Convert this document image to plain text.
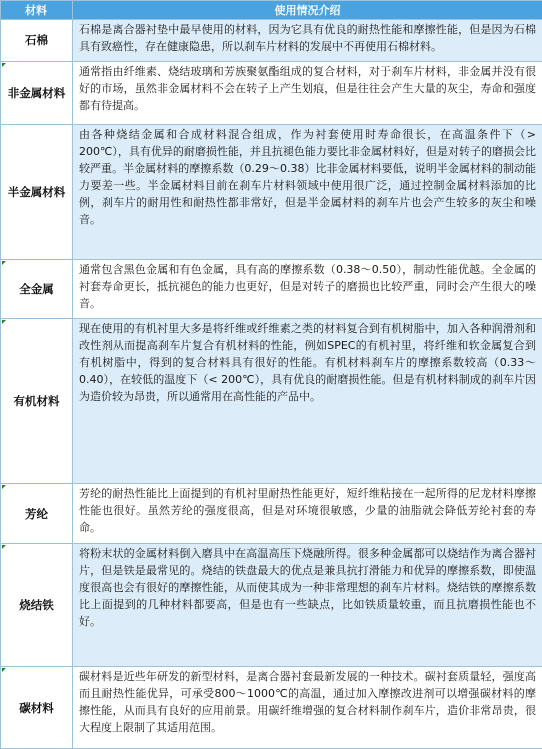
材料	使用情况介绍
石棉	石棉是离合器衬垫中最早使用的材料，因为它具有优良的耐热性能和摩擦性能，但是因为石棉具有致癌性，存在健康隐患，所以刹车片材料的发展中不再使用石棉材料。

非金属材料	通常指由纤维素、烧结玻璃和芳族聚氨酯组成的复合材料，对于刹车片材料，非金属并没有很好的市场，虽然非金属材料不会在转子上产生划痕，但是往往会产生大量的灰尘，寿命和强度都有待提高。
半金属材料	由各种烧结金属和合成材料混合组成，作为衬套使用时寿命很长，在高温条件下（> 200℃），具有优异的耐磨损性能，并且抗褪色能力要比非金属材料好，但是对转子的磨损会比较严重。半金属材料的摩擦系数（0.29～0.38）比非金属材料要低，说明半金属材料的制动能力要差一些。半金属材料目前在刹车片材料领域中使用很广泛，通过控制金属材料添加的比例，刹车片的耐用性和耐热性都非常好，但是半金属材料的刹车片也会产生较多的灰尘和噪音。

全金属	通常包含黑色金属和有色金属，具有高的摩擦系数（0.38～0.50），制动性能优越。全金属的衬套寿命更长，抵抗褪色的能力也更好，但是对转子的磨损也比较严重，同时会产生很大的噪音。

有机材料	现在使用的有机衬里大多是将纤维或纤维素之类的材料复合到有机树脂中，加入各种润滑剂和改性剂从而提高刹车片复合有机材料的性能，例如SPEC的有机衬里，将纤维和软金属复合到有机树脂中，得到的复合材料具有很好的性能。有机材料刹车片的摩擦系数较高（0.33～0.40），在较低的温度下（< 200℃），具有优良的耐磨损性能。但是有机材料制成的刹车片因为造价较为昂贵，所以通常用在高性能的产品中。

芳纶	芳纶的耐热性能比上面提到的有机衬里耐热性能更好，短纤维粘接在一起所得的尼龙材料摩擦性能也很好。虽然芳纶的强度很高，但是对环境很敏感，少量的油脂就会降低芳纶衬套的寿命。

烧结铁	将粉末状的金属材料倒入磨具中在高温高压下烧融所得。很多种金属都可以烧结作为离合器衬片，但是铁是最常见的。烧结的铁盘最大的优点是兼具抗打滑能力和优异的摩擦系数，即使温度很高也会有很好的摩擦性能，从而使其成为一种非常理想的刹车片材料。烧结铁的摩擦系数比上面提到的几种材料都要高，但是也有一些缺点，比如铁质量较重，而且抗磨损性能也不好。

碳材料	碳材料是近些年研发的新型材料，是离合器衬套最新发展的一种技术。碳衬套质量轻，强度高而且耐热性能优异，可承受800～1000℃的高温，通过加入摩擦改进剂可以增强碳材料的摩擦性能，从而具有良好的应用前景。用碳纤维增强的复合材料制作刹车片，造价非常昂贵，很大程度上限制了其适用范围。
